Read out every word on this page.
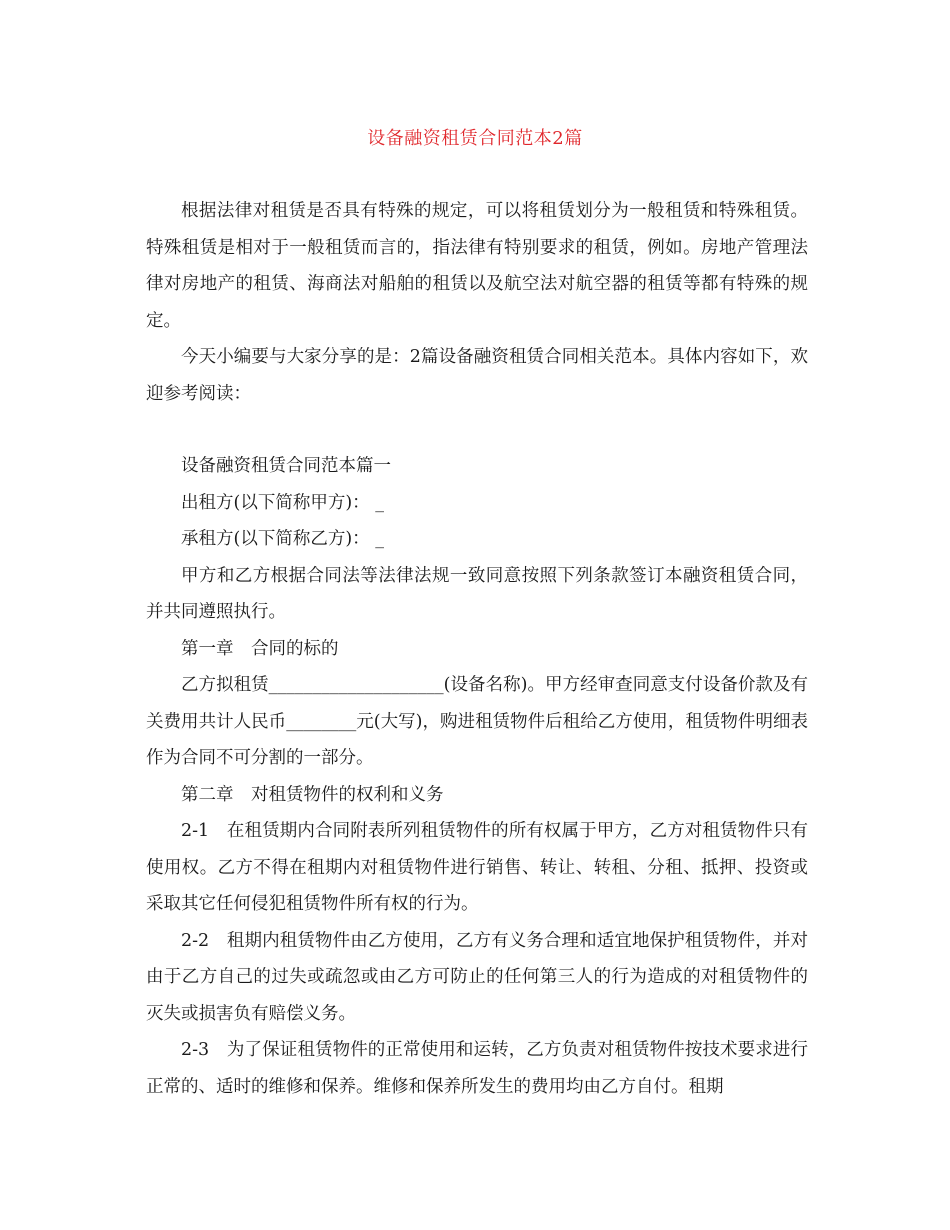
设备融资租赁合同范本2篇

根据法律对租赁是否具有特殊的规定，可以将租赁划分为一般租赁和特殊租赁。特殊租赁是相对于一般租赁而言的，指法律有特别要求的租赁，例如。房地产管理法律对房地产的租赁、海商法对船舶的租赁以及航空法对航空器的租赁等都有特殊的规定。

今天小编要与大家分享的是：2篇设备融资租赁合同相关范本。具体内容如下，欢迎参考阅读：

设备融资租赁合同范本篇一

出租方(以下简称甲方)： _

承租方(以下简称乙方)： _

甲方和乙方根据合同法等法律法规一致同意按照下列条款签订本融资租赁合同，并共同遵照执行。

第一章　合同的标的

乙方拟租赁____________________(设备名称)。甲方经审查同意支付设备价款及有关费用共计人民币________元(大写)，购进租赁物件后租给乙方使用，租赁物件明细表作为合同不可分割的一部分。

第二章　对租赁物件的权利和义务

2-1　在租赁期内合同附表所列租赁物件的所有权属于甲方，乙方对租赁物件只有使用权。乙方不得在租期内对租赁物件进行销售、转让、转租、分租、抵押、投资或采取其它任何侵犯租赁物件所有权的行为。

2-2　租期内租赁物件由乙方使用，乙方有义务合理和适宜地保护租赁物件，并对由于乙方自己的过失或疏忽或由乙方可防止的任何第三人的行为造成的对租赁物件的灭失或损害负有赔偿义务。

2-3　为了保证租赁物件的正常使用和运转，乙方负责对租赁物件按技术要求进行正常的、适时的维修和保养。维修和保养所发生的费用均由乙方自付。租期
